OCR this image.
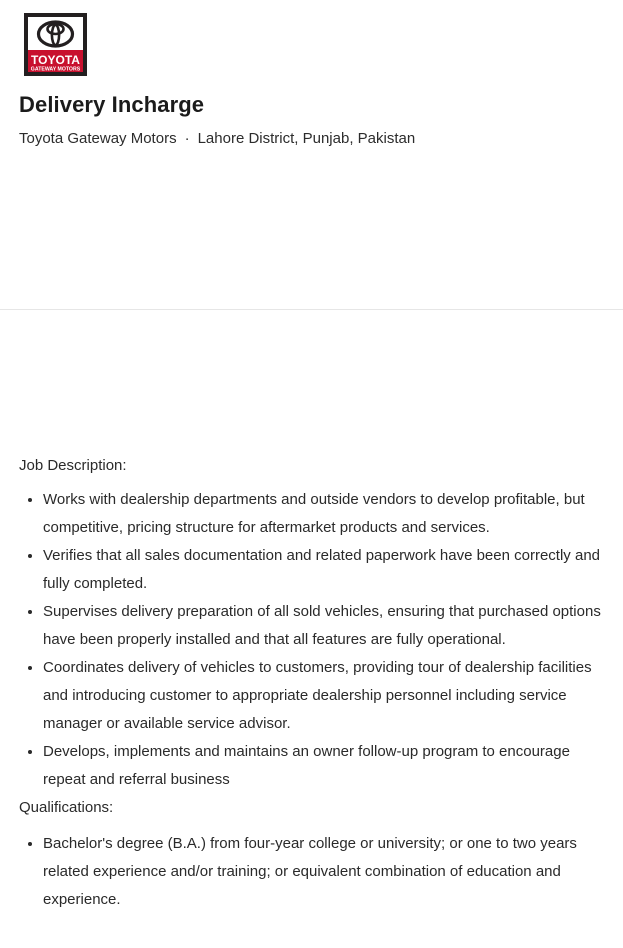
TOYOTA
GATEWAY MOTORS
Delivery Incharge
Toyota Gateway Motors · Lahore District, Punjab, Pakistan

Job Description:

• Works with dealership departments and outside vendors to develop profitable, but competitive, pricing structure for aftermarket products and services.
• Verifies that all sales documentation and related paperwork have been correctly and fully completed.
• Supervises delivery preparation of all sold vehicles, ensuring that purchased options have been properly installed and that all features are fully operational.
• Coordinates delivery of vehicles to customers, providing tour of dealership facilities and introducing customer to appropriate dealership personnel including service manager or available service advisor.
• Develops, implements and maintains an owner follow-up program to encourage repeat and referral business

Qualifications:

• Bachelor's degree (B.A.) from four-year college or university; or one to two years related experience and/or training; or equivalent combination of education and experience.
